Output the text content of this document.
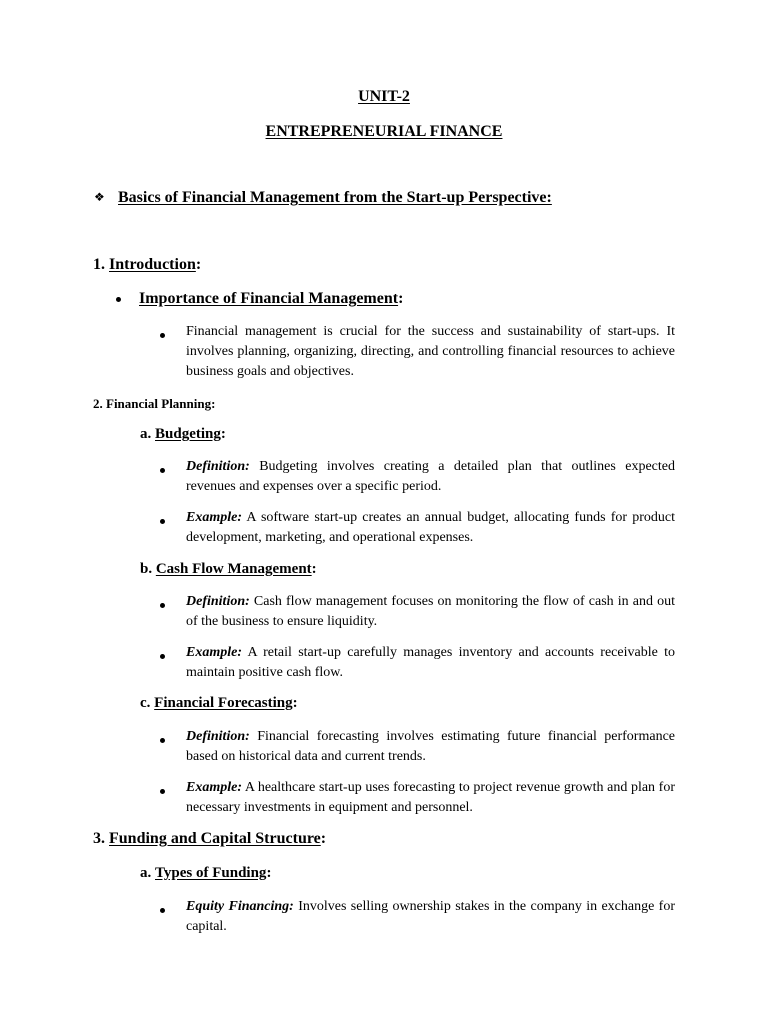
UNIT-2
ENTREPRENEURIAL FINANCE
❖ Basics of Financial Management from the Start-up Perspective:
1. Introduction:
Importance of Financial Management:
Financial management is crucial for the success and sustainability of start-ups. It involves planning, organizing, directing, and controlling financial resources to achieve business goals and objectives.
2. Financial Planning:
a. Budgeting:
Definition: Budgeting involves creating a detailed plan that outlines expected revenues and expenses over a specific period.
Example: A software start-up creates an annual budget, allocating funds for product development, marketing, and operational expenses.
b. Cash Flow Management:
Definition: Cash flow management focuses on monitoring the flow of cash in and out of the business to ensure liquidity.
Example: A retail start-up carefully manages inventory and accounts receivable to maintain positive cash flow.
c. Financial Forecasting:
Definition: Financial forecasting involves estimating future financial performance based on historical data and current trends.
Example: A healthcare start-up uses forecasting to project revenue growth and plan for necessary investments in equipment and personnel.
3. Funding and Capital Structure:
a. Types of Funding:
Equity Financing: Involves selling ownership stakes in the company in exchange for capital.
